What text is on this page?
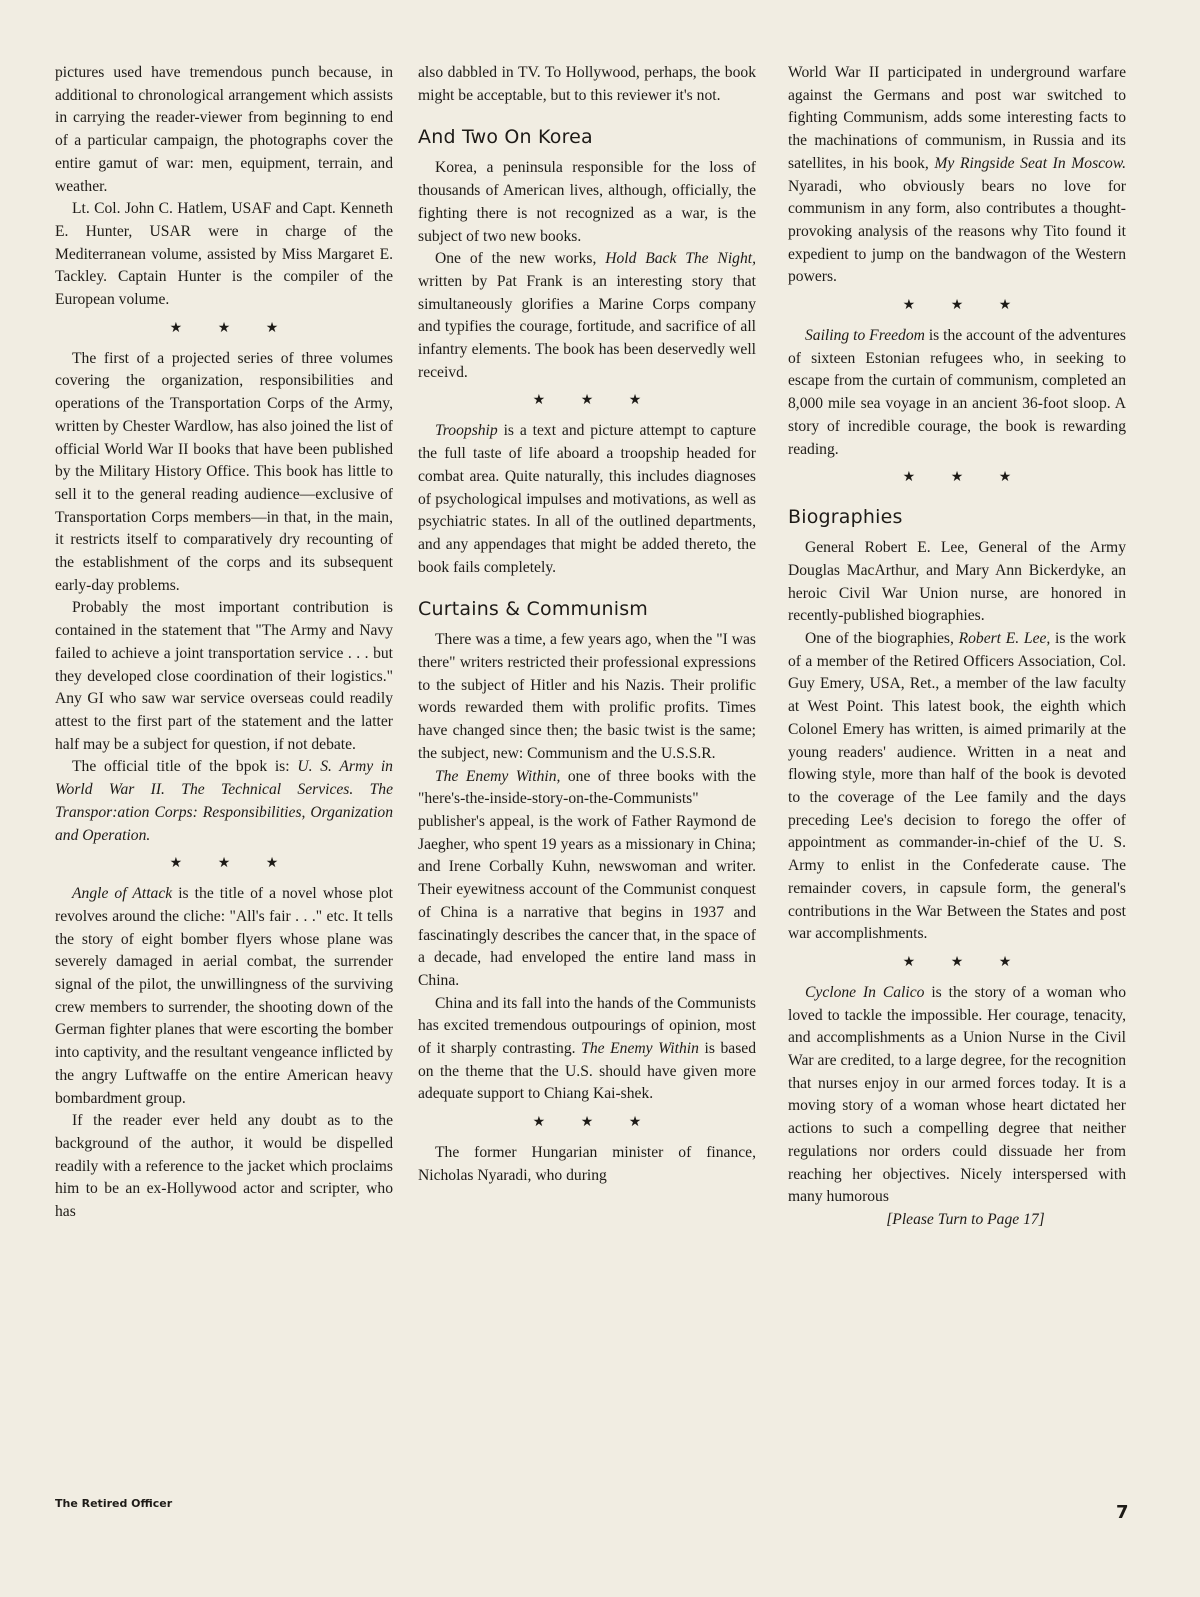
pictures used have tremendous punch because, in additional to chronological arrangement which assists in carrying the reader-viewer from beginning to end of a particular campaign, the photographs cover the entire gamut of war: men, equipment, terrain, and weather.

Lt. Col. John C. Hatlem, USAF and Capt. Kenneth E. Hunter, USAR were in charge of the Mediterranean volume, assisted by Miss Margaret E. Tackley. Captain Hunter is the compiler of the European volume.

★ ★ ★

The first of a projected series of three volumes covering the organization, responsibilities and operations of the Transportation Corps of the Army, written by Chester Wardlow, has also joined the list of official World War II books that have been published by the Military History Office. This book has little to sell it to the general reading audience—exclusive of Transportation Corps members—in that, in the main, it restricts itself to comparatively dry recounting of the establishment of the corps and its subsequent early-day problems.

Probably the most important contribution is contained in the statement that "The Army and Navy failed to achieve a joint transportation service . . . but they developed close coordination of their logistics." Any GI who saw war service overseas could readily attest to the first part of the statement and the latter half may be a subject for question, if not debate.

The official title of the bpok is: U. S. Army in World War II. The Technical Services. The Transpor:ation Corps: Responsibilities, Organization and Operation.

★ ★ ★

Angle of Attack is the title of a novel whose plot revolves around the cliche: "All's fair . . ." etc. It tells the story of eight bomber flyers whose plane was severely damaged in aerial combat, the surrender signal of the pilot, the unwillingness of the surviving crew members to surrender, the shooting down of the German fighter planes that were escorting the bomber into captivity, and the resultant vengeance inflicted by the angry Luftwaffe on the entire American heavy bombardment group.

If the reader ever held any doubt as to the background of the author, it would be dispelled readily with a reference to the jacket which proclaims him to be an ex-Hollywood actor and scripter, who has

also dabbled in TV. To Hollywood, perhaps, the book might be acceptable, but to this reviewer it's not.

And Two On Korea

Korea, a peninsula responsible for the loss of thousands of American lives, although, officially, the fighting there is not recognized as a war, is the subject of two new books.

One of the new works, Hold Back The Night, written by Pat Frank is an interesting story that simultaneously glorifies a Marine Corps company and typifies the courage, fortitude, and sacrifice of all infantry elements. The book has been deservedly well receivd.

★ ★ ★

Troopship is a text and picture attempt to capture the full taste of life aboard a troopship headed for combat area. Quite naturally, this includes diagnoses of psychological impulses and motivations, as well as psychiatric states. In all of the outlined departments, and any appendages that might be added thereto, the book fails completely.

Curtains & Communism

There was a time, a few years ago, when the "I was there" writers restricted their professional expressions to the subject of Hitler and his Nazis. Their prolific words rewarded them with prolific profits. Times have changed since then; the basic twist is the same; the subject, new: Communism and the U.S.S.R.

The Enemy Within, one of three books with the "here's-the-inside-story-on-the-Communists" publisher's appeal, is the work of Father Raymond de Jaegher, who spent 19 years as a missionary in China; and Irene Corbally Kuhn, newswoman and writer. Their eyewitness account of the Communist conquest of China is a narrative that begins in 1937 and fascinatingly describes the cancer that, in the space of a decade, had enveloped the entire land mass in China.

China and its fall into the hands of the Communists has excited tremendous outpourings of opinion, most of it sharply contrasting. The Enemy Within is based on the theme that the U.S. should have given more adequate support to Chiang Kai-shek.

★ ★ ★

The former Hungarian minister of finance, Nicholas Nyaradi, who during

World War II participated in underground warfare against the Germans and post war switched to fighting Communism, adds some interesting facts to the machinations of communism, in Russia and its satellites, in his book, My Ringside Seat In Moscow. Nyaradi, who obviously bears no love for communism in any form, also contributes a thought-provoking analysis of the reasons why Tito found it expedient to jump on the bandwagon of the Western powers.

★ ★ ★

Sailing to Freedom is the account of the adventures of sixteen Estonian refugees who, in seeking to escape from the curtain of communism, completed an 8,000 mile sea voyage in an ancient 36-foot sloop. A story of incredible courage, the book is rewarding reading.

★ ★ ★
Biographies

General Robert E. Lee, General of the Army Douglas MacArthur, and Mary Ann Bickerdyke, an heroic Civil War Union nurse, are honored in recently-published biographies.

One of the biographies, Robert E. Lee, is the work of a member of the Retired Officers Association, Col. Guy Emery, USA, Ret., a member of the law faculty at West Point. This latest book, the eighth which Colonel Emery has written, is aimed primarily at the young readers' audience. Written in a neat and flowing style, more than half of the book is devoted to the coverage of the Lee family and the days preceding Lee's decision to forego the offer of appointment as commander-in-chief of the U. S. Army to enlist in the Confederate cause. The remainder covers, in capsule form, the general's contributions in the War Between the States and post war accomplishments.

★ ★ ★

Cyclone In Calico is the story of a woman who loved to tackle the impossible. Her courage, tenacity, and accomplishments as a Union Nurse in the Civil War are credited, to a large degree, for the recognition that nurses enjoy in our armed forces today. It is a moving story of a woman whose heart dictated her actions to such a compelling degree that neither regulations nor orders could dissuade her from reaching her objectives. Nicely interspersed with many humorous

[Please Turn to Page 17]

The Retired Officer	7
